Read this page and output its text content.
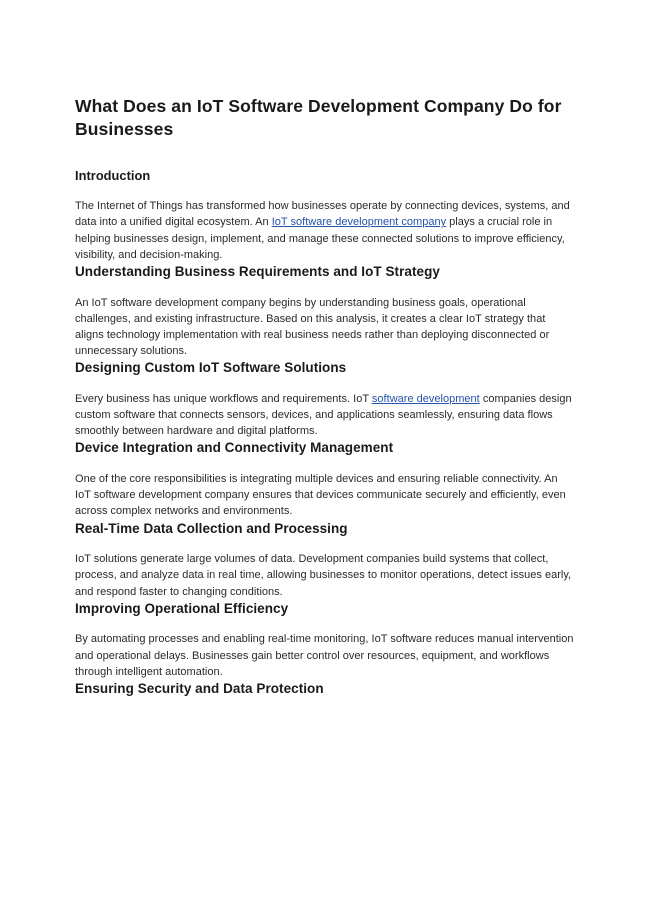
What Does an IoT Software Development Company Do for Businesses
Introduction

The Internet of Things has transformed how businesses operate by connecting devices, systems, and data into a unified digital ecosystem. An IoT software development company plays a crucial role in helping businesses design, implement, and manage these connected solutions to improve efficiency, visibility, and decision-making.

Understanding Business Requirements and IoT Strategy

An IoT software development company begins by understanding business goals, operational challenges, and existing infrastructure. Based on this analysis, it creates a clear IoT strategy that aligns technology implementation with real business needs rather than deploying disconnected or unnecessary solutions.

Designing Custom IoT Software Solutions

Every business has unique workflows and requirements. IoT software development companies design custom software that connects sensors, devices, and applications seamlessly, ensuring data flows smoothly between hardware and digital platforms.

Device Integration and Connectivity Management

One of the core responsibilities is integrating multiple devices and ensuring reliable connectivity. An IoT software development company ensures that devices communicate securely and efficiently, even across complex networks and environments.

Real-Time Data Collection and Processing

IoT solutions generate large volumes of data. Development companies build systems that collect, process, and analyze data in real time, allowing businesses to monitor operations, detect issues early, and respond faster to changing conditions.

Improving Operational Efficiency

By automating processes and enabling real-time monitoring, IoT software reduces manual intervention and operational delays. Businesses gain better control over resources, equipment, and workflows through intelligent automation.

Ensuring Security and Data Protection
